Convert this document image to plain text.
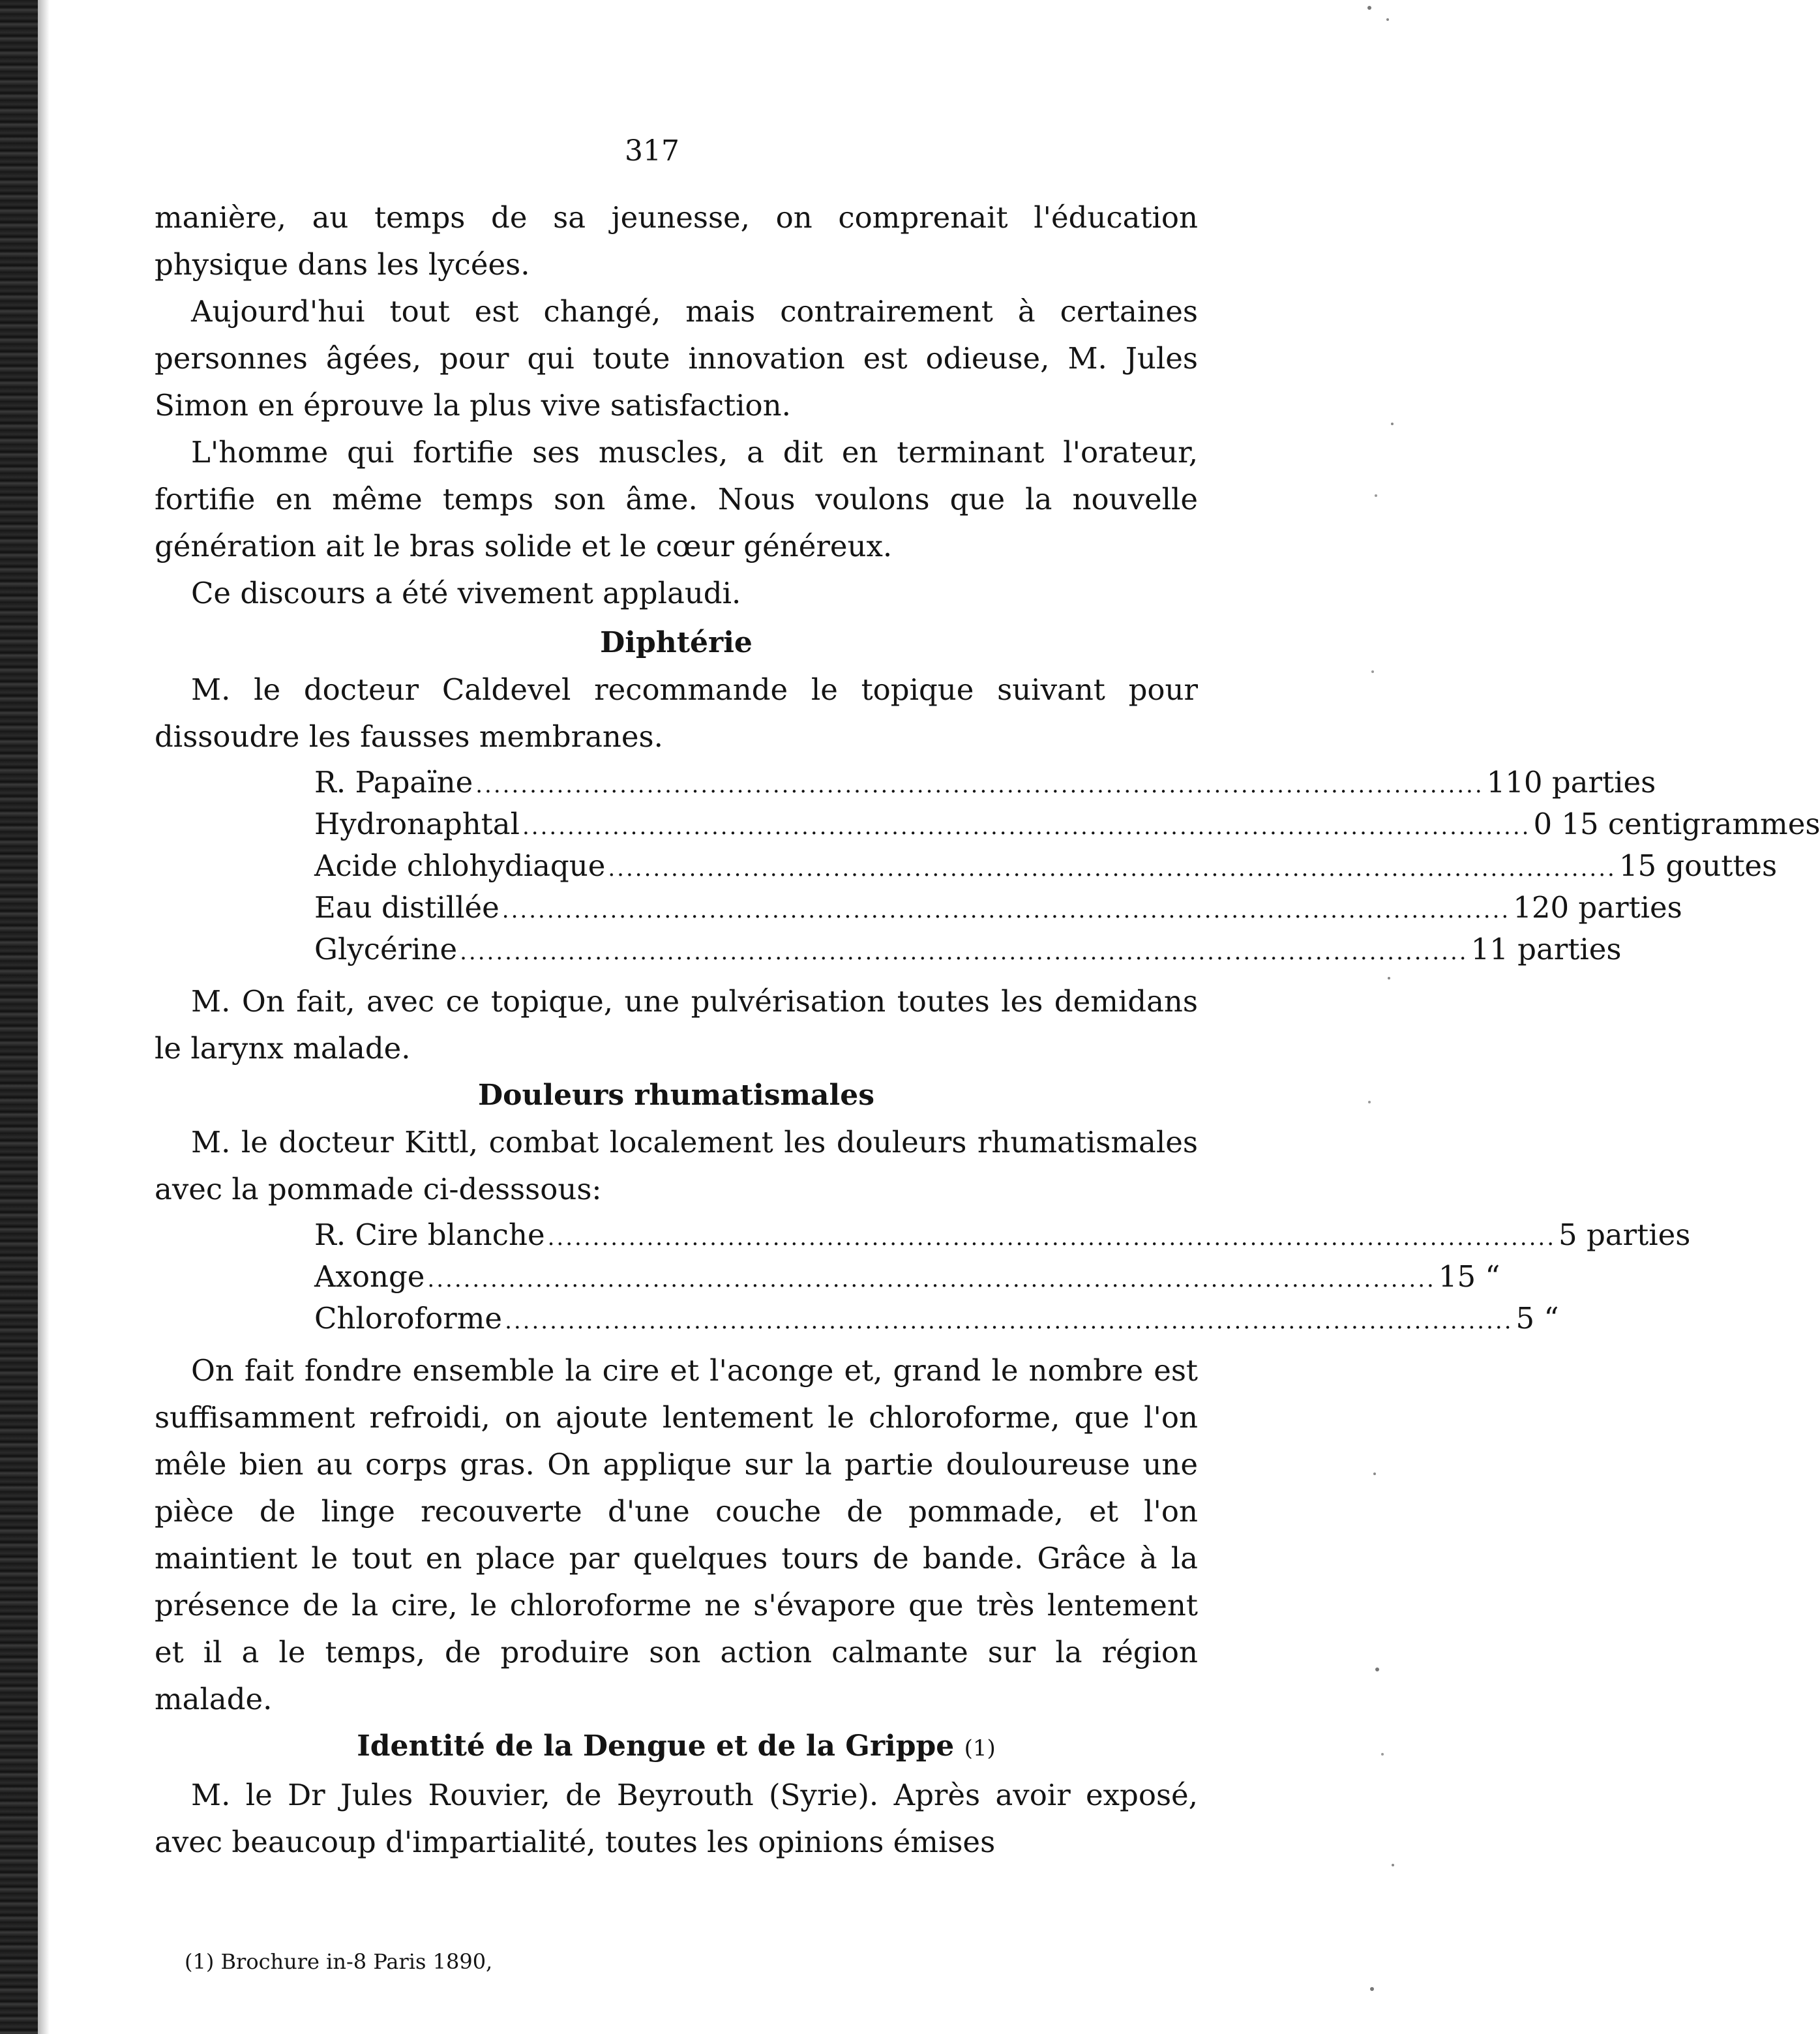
317

manière, au temps de sa jeunesse, on comprenait l'éducation physique dans les lycées.

Aujourd'hui tout est changé, mais contrairement à certaines personnes âgées, pour qui toute innovation est odieuse, M. Jules Simon en éprouve la plus vive satisfaction.

L'homme qui fortifie ses muscles, a dit en terminant l'orateur, fortifie en même temps son âme. Nous voulons que la nouvelle génération ait le bras solide et le cœur généreux.

Ce discours a été vivement applaudi.

Diphtérie

M. le docteur Caldevel recommande le topique suivant pour dissoudre les fausses membranes.

R. Papaïne ................................................................................................................ 110 parties
Hydronaphtal ................................................................................................................ 0 15 centigrammes
Acide chlohydiaque ................................................................................................................ 15 gouttes
Eau distillée ................................................................................................................ 120 parties
Glycérine ................................................................................................................ 11 parties

M. On fait, avec ce topique, une pulvérisation toutes les demidans le larynx malade.

Douleurs rhumatismales

M. le docteur Kittl, combat localement les douleurs rhumatismales avec la pommade ci-desssous:

R. Cire blanche ................................................................................................................ 5 parties
Axonge ................................................................................................................ 15 “
Chloroforme ................................................................................................................ 5 “

On fait fondre ensemble la cire et l'aconge et, grand le nombre est suffisamment refroidi, on ajoute lentement le chloroforme, que l'on mêle bien au corps gras. On applique sur la partie douloureuse une pièce de linge recouverte d'une couche de pommade, et l'on maintient le tout en place par quelques tours de bande. Grâce à la présence de la cire, le chloroforme ne s'évapore que très lentement et il a le temps, de produire son action calmante sur la région malade.

Identité de la Dengue et de la Grippe (1)

M. le Dr Jules Rouvier, de Beyrouth (Syrie). Après avoir exposé, avec beaucoup d'impartialité, toutes les opinions émises

(1) Brochure in-8 Paris 1890,
